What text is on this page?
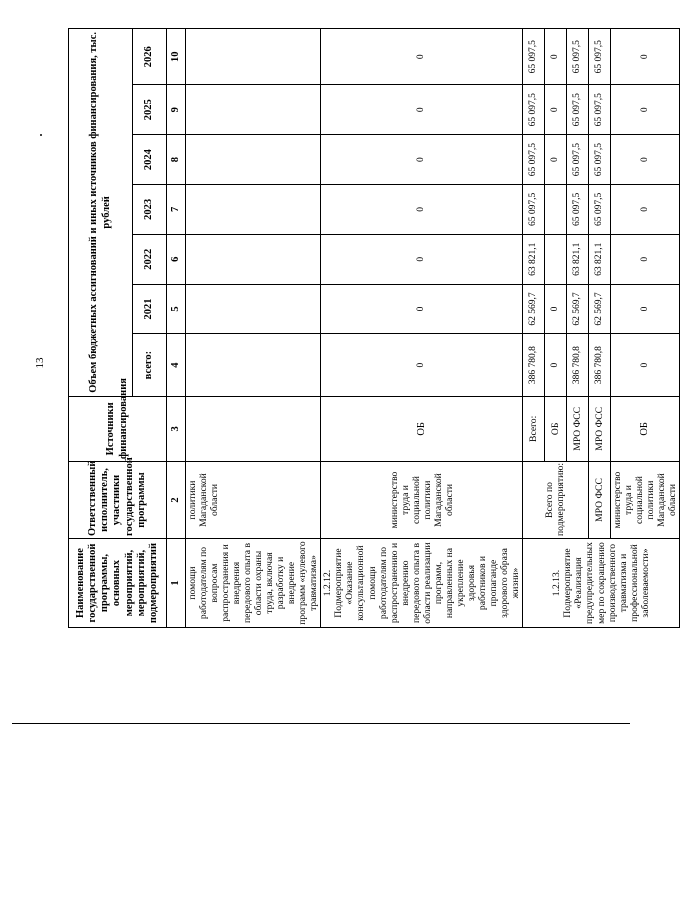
13
Наименование государственной программы, основных мероприятий, мероприятий, подмероприятий	Ответственный исполнитель, участники государственной программы	Источники финансирования	Объем бюджетных ассигнований и иных источников финансирования, тыс. рублей						
			всего:	2021	2022	2023	2024	2025	2026
1	2	3	4	5	6	7	8	9	10
помощи работодателям по вопросам распространения и внедрения передового опыта в области охраны труда, включая разработку и внедрение программ «нулевого травматизма»	политики Магаданской области								
1.2.12. Подмероприятие «Оказание консультационной помощи работодателям по распространению и внедрению передового опыта в области реализации программ, направленных на укрепление здоровья работников и пропаганде здорового образа жизни»	министерство труда и социальной политики Магаданской области	ОБ	0	0	0	0	0	0	0
1.2.13. Подмероприятие «Реализация предупредительных мер по сокращению производственного травматизма и профессиональной заболеваемости»	Всего по подмероприятию:	Всего:	386 780,8	62 569,7	63 821,1	65 097,5	65 097,5	65 097,5	65 097,5
		ОБ	0	0			0	0	0
		МРО ФСС	386 780,8	62 569,7	63 821,1	65 097,5	65 097,5	65 097,5	65 097,5
	МРО ФСС	МРО ФСС	386 780,8	62 569,7	63 821,1	65 097,5	65 097,5	65 097,5	65 097,5
	министерство труда и социальной политики Магаданской области	ОБ	0	0	0	0	0	0	0
